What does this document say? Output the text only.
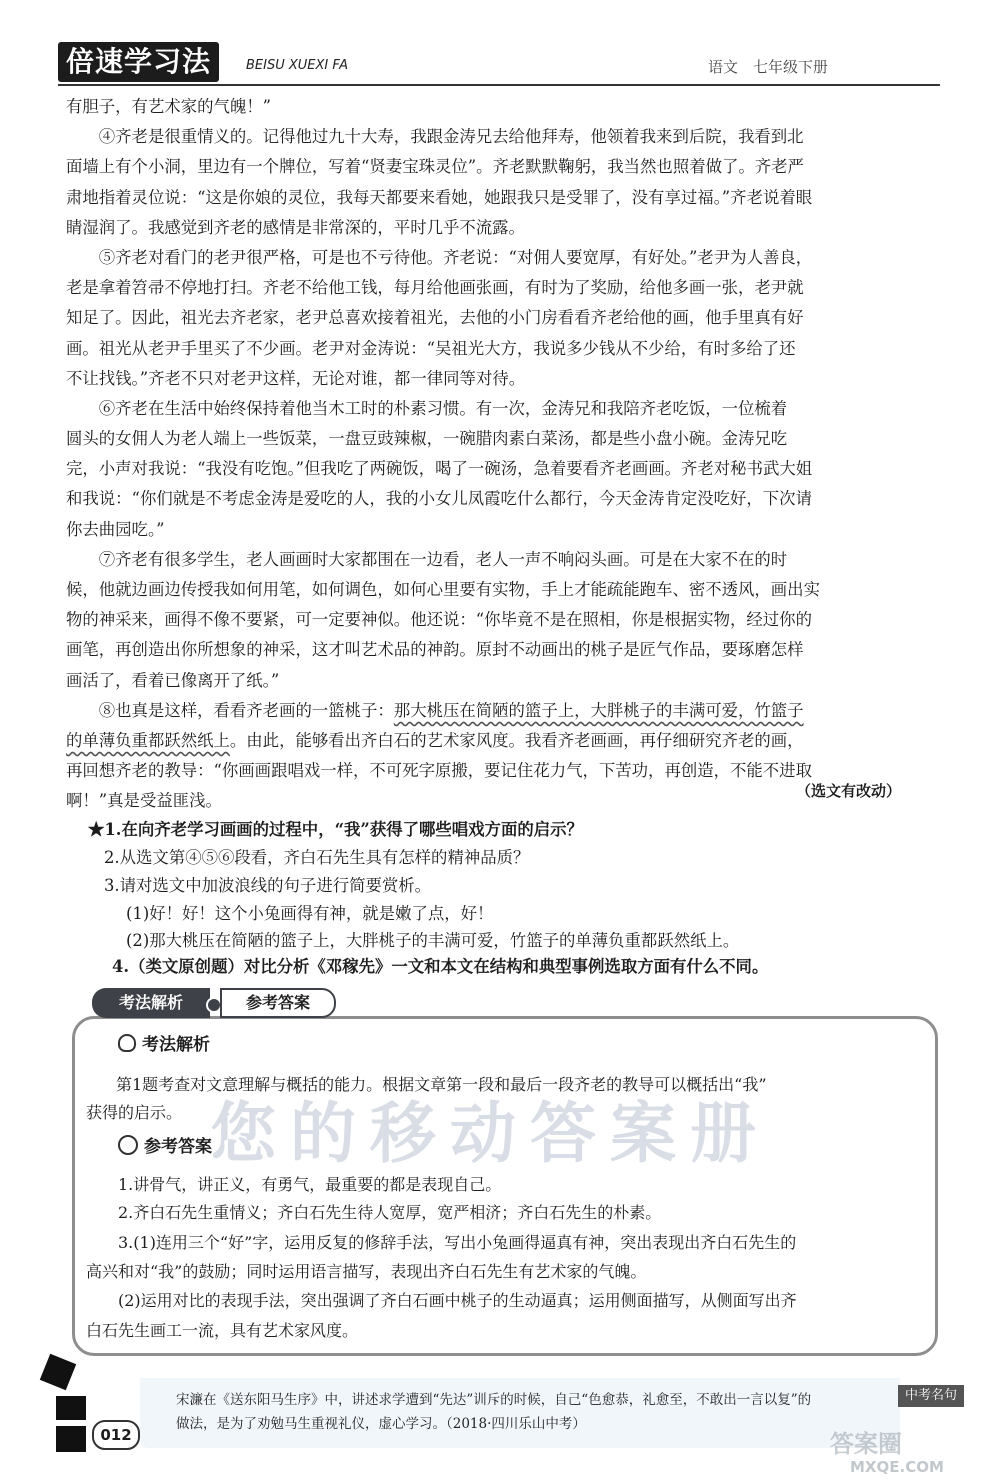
倍速学习法	BEISU XUEXI FA	语文　七年级下册
有胆子，有艺术家的气魄！”
　　④齐老是很重情义的。记得他过九十大寿，我跟金涛兄去给他拜寿，他领着我来到后院，我看到北
面墙上有个小洞，里边有一个牌位，写着“贤妻宝珠灵位”。齐老默默鞠躬，我当然也照着做了。齐老严
肃地指着灵位说：“这是你娘的灵位，我每天都要来看她，她跟我只是受罪了，没有享过福。”齐老说着眼
睛湿润了。我感觉到齐老的感情是非常深的，平时几乎不流露。
　　⑤齐老对看门的老尹很严格，可是也不亏待他。齐老说：“对佣人要宽厚，有好处。”老尹为人善良，
老是拿着笤帚不停地打扫。齐老不给他工钱，每月给他画张画，有时为了奖励，给他多画一张，老尹就
知足了。因此，祖光去齐老家，老尹总喜欢接着祖光，去他的小门房看看齐老给他的画，他手里真有好
画。祖光从老尹手里买了不少画。老尹对金涛说：“吴祖光大方，我说多少钱从不少给，有时多给了还
不让找钱。”齐老不只对老尹这样，无论对谁，都一律同等对待。
　　⑥齐老在生活中始终保持着他当木工时的朴素习惯。有一次，金涛兄和我陪齐老吃饭，一位梳着
圆头的女佣人为老人端上一些饭菜，一盘豆豉辣椒，一碗腊肉素白菜汤，都是些小盘小碗。金涛兄吃
完，小声对我说：“我没有吃饱。”但我吃了两碗饭，喝了一碗汤，急着要看齐老画画。齐老对秘书武大姐
和我说：“你们就是不考虑金涛是爱吃的人，我的小女儿凤霞吃什么都行，今天金涛肯定没吃好，下次请
你去曲园吃。”
　　⑦齐老有很多学生，老人画画时大家都围在一边看，老人一声不响闷头画。可是在大家不在的时
候，他就边画边传授我如何用笔，如何调色，如何心里要有实物，手上才能疏能跑车、密不透风，画出实
物的神采来，画得不像不要紧，可一定要神似。他还说：“你毕竟不是在照相，你是根据实物，经过你的
画笔，再创造出你所想象的神采，这才叫艺术品的神韵。原封不动画出的桃子是匠气作品，要琢磨怎样
画活了，看着已像离开了纸。”
　　⑧也真是这样，看看齐老画的一篮桃子：那大桃压在简陋的篮子上，大胖桃子的丰满可爱，竹篮子
的单薄负重都跃然纸上。由此，能够看出齐白石的艺术家风度。我看齐老画画，再仔细研究齐老的画，
再回想齐老的教导：“你画画跟唱戏一样，不可死字原搬，要记住花力气，下苦功，再创造，不能不进取
啊！”真是受益匪浅。
（选文有改动）
★1.在向齐老学习画画的过程中，“我”获得了哪些唱戏方面的启示？
2.从选文第④⑤⑥段看，齐白石先生具有怎样的精神品质？
3.请对选文中加波浪线的句子进行简要赏析。
(1)好！好！这个小兔画得有神，就是嫩了点，好！
(2)那大桃压在简陋的篮子上，大胖桃子的丰满可爱，竹篮子的单薄负重都跃然纸上。
4.（类文原创题）对比分析《邓稼先》一文和本文在结构和典型事例选取方面有什么不同。
考法解析	参考答案
您的移动答案册
考法解析
第1题考查对文意理解与概括的能力。根据文章第一段和最后一段齐老的教导可以概括出“我”
获得的启示。
参考答案
1.讲骨气，讲正义，有勇气，最重要的都是表现自己。
2.齐白石先生重情义；齐白石先生待人宽厚，宽严相济；齐白石先生的朴素。
3.(1)连用三个“好”字，运用反复的修辞手法，写出小兔画得逼真有神，突出表现出齐白石先生的
高兴和对“我”的鼓励；同时运用语言描写，表现出齐白石先生有艺术家的气魄。
(2)运用对比的表现手法，突出强调了齐白石画中桃子的生动逼真；运用侧面描写，从侧面写出齐
白石先生画工一流，具有艺术家风度。
012
宋濂在《送东阳马生序》中，讲述求学遭到“先达”训斥的时候，自己“色愈恭，礼愈至，不敢出一言以复”的
做法，是为了劝勉马生重视礼仪，虚心学习。（2018·四川乐山中考）
中考名句
答案圈
MXQE.COM
